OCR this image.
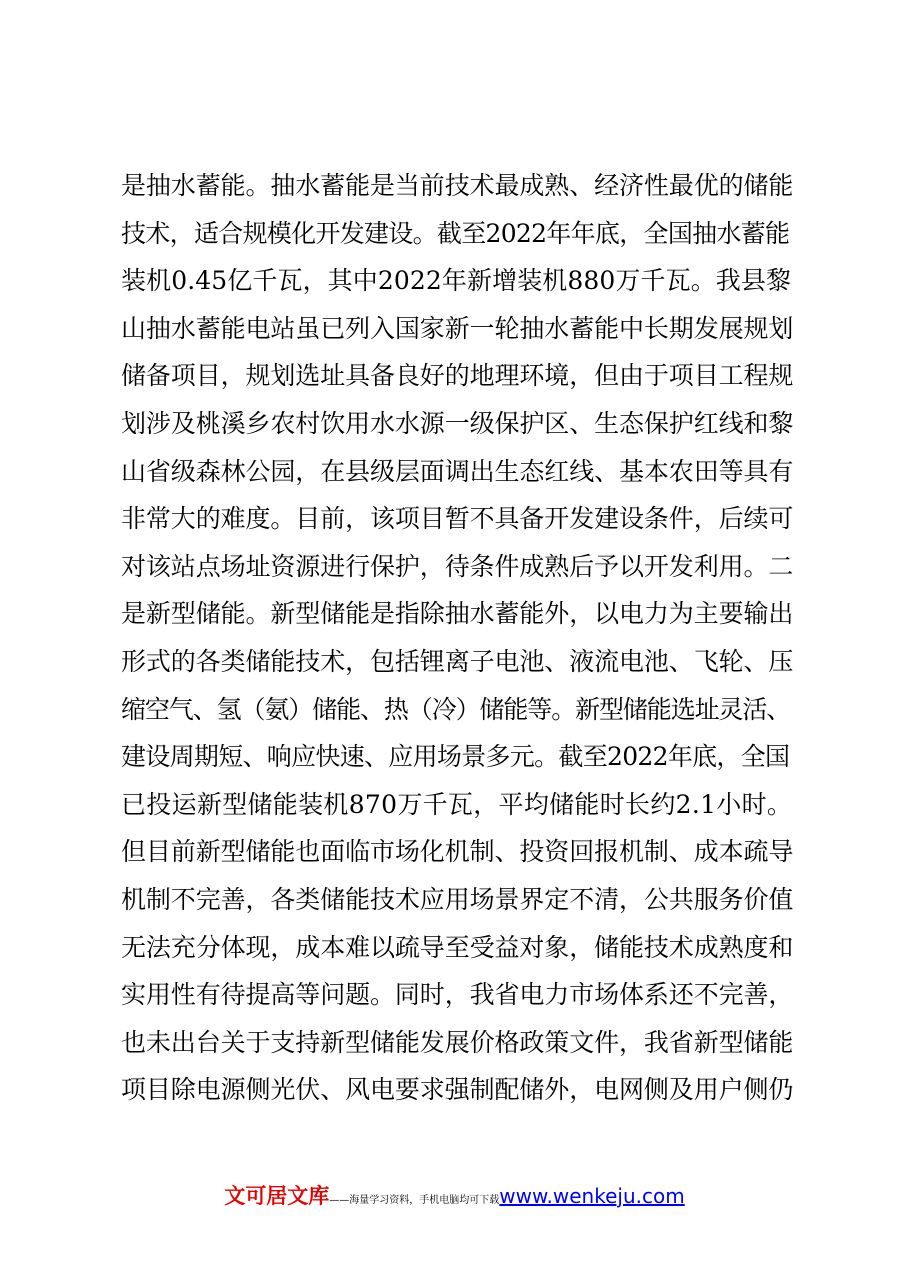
是抽水蓄能。抽水蓄能是当前技术最成熟、经济性最优的储能
技术，适合规模化开发建设。截至2022年年底，全国抽水蓄能
装机0.45亿千瓦，其中2022年新增装机880万千瓦。我县黎
山抽水蓄能电站虽已列入国家新一轮抽水蓄能中长期发展规划
储备项目，规划选址具备良好的地理环境，但由于项目工程规
划涉及桃溪乡农村饮用水水源一级保护区、生态保护红线和黎
山省级森林公园，在县级层面调出生态红线、基本农田等具有
非常大的难度。目前，该项目暂不具备开发建设条件，后续可
对该站点场址资源进行保护，待条件成熟后予以开发利用。二
是新型储能。新型储能是指除抽水蓄能外，以电力为主要输出
形式的各类储能技术，包括锂离子电池、液流电池、飞轮、压
缩空气、氢（氨）储能、热（冷）储能等。新型储能选址灵活、
建设周期短、响应快速、应用场景多元。截至2022年底，全国
已投运新型储能装机870万千瓦，平均储能时长约2.1小时。
但目前新型储能也面临市场化机制、投资回报机制、成本疏导
机制不完善，各类储能技术应用场景界定不清，公共服务价值
无法充分体现，成本难以疏导至受益对象，储能技术成熟度和
实用性有待提高等问题。同时，我省电力市场体系还不完善，
也未出台关于支持新型储能发展价格政策文件，我省新型储能
项目除电源侧光伏、风电要求强制配储外，电网侧及用户侧仍
文可居文库——海量学习资料，手机电脑均可下载www.wenkeju.com
